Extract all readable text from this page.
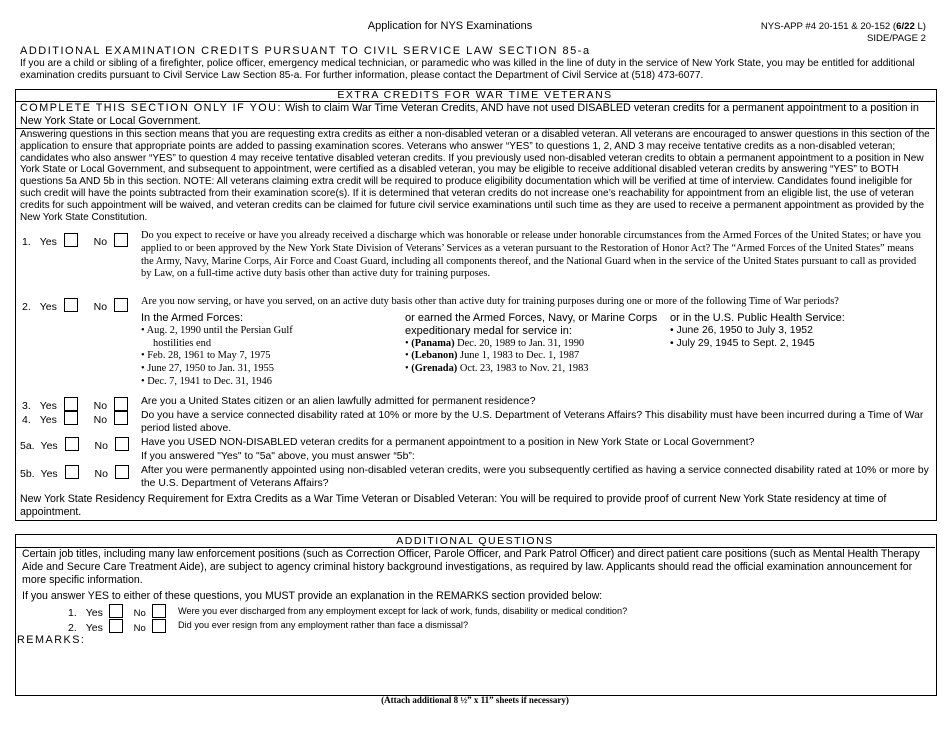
Application for NYS Examinations	NYS-APP #4 20-151 & 20-152 (6/22 L)
SIDE/PAGE 2
ADDITIONAL EXAMINATION CREDITS PURSUANT TO CIVIL SERVICE LAW SECTION 85-a
If you are a child or sibling of a firefighter, police officer, emergency medical technician, or paramedic who was killed in the line of duty in the service of New York State, you may be entitled for additional examination credits pursuant to Civil Service Law Section 85-a. For further information, please contact the Department of Civil Service at (518) 473-6077.
EXTRA CREDITS FOR WAR TIME VETERANS
COMPLETE THIS SECTION ONLY IF YOU: Wish to claim War Time Veteran Credits, AND have not used DISABLED veteran credits for a permanent appointment to a position in New York State or Local Government.
Answering questions in this section means that you are requesting extra credits as either a non-disabled veteran or a disabled veteran. All veterans are encouraged to answer questions in this section of the application to ensure that appropriate points are added to passing examination scores. Veterans who answer “YES” to questions 1, 2, AND 3 may receive tentative credits as a non-disabled veteran; candidates who also answer “YES” to question 4 may receive tentative disabled veteran credits. If you previously used non-disabled veteran credits to obtain a permanent appointment to a position in New York State or Local Government, and subsequent to appointment, were certified as a disabled veteran, you may be eligible to receive additional disabled veteran credits by answering “YES” to BOTH questions 5a AND 5b in this section. NOTE: All veterans claiming extra credit will be required to produce eligibility documentation which will be verified at time of interview. Candidates found ineligible for such credit will have the points subtracted from their examination score(s). If it is determined that veteran credits do not increase one’s reachability for appointment from an eligible list, the use of veteran credits for such appointment will be waived, and veteran credits can be claimed for future civil service examinations until such time as they are used to receive a permanent appointment as provided by the New York State Constitution.
1. Yes	No
Do you expect to receive or have you already received a discharge which was honorable or release under honorable circumstances from the Armed Forces of the United States; or have you applied to or been approved by the New York State Division of Veterans’ Services as a veteran pursuant to the Restoration of Honor Act? The “Armed Forces of the United States” means the Army, Navy, Marine Corps, Air Force and Coast Guard, including all components thereof, and the National Guard when in the service of the United States pursuant to call as provided by Law, on a full-time active duty basis other than active duty for training purposes.
2. Yes	No	Are you now serving, or have you served, on an active duty basis other than active duty for training purposes during one or more of the following Time of War periods?
In the Armed Forces:
• Aug. 2, 1990 until the Persian Gulf hostilities end
• Feb. 28, 1961 to May 7, 1975
• June 27, 1950 to Jan. 31, 1955
• Dec. 7, 1941 to Dec. 31, 1946
or earned the Armed Forces, Navy, or Marine Corps expeditionary medal for service in:
• (Panama) Dec. 20, 1989 to Jan. 31, 1990
• (Lebanon) June 1, 1983 to Dec. 1, 1987
• (Grenada) Oct. 23, 1983 to Nov. 21, 1983
or in the U.S. Public Health Service:
• June 26, 1950 to July 3, 1952
• July 29, 1945 to Sept. 2, 1945
3. Yes	No	Are you a United States citizen or an alien lawfully admitted for permanent residence?
4. Yes	No	Do you have a service connected disability rated at 10% or more by the U.S. Department of Veterans Affairs? This disability must have been incurred during a Time of War period listed above.
5a. Yes	No	Have you USED NON-DISABLED veteran credits for a permanent appointment to a position in New York State or Local Government?
If you answered "Yes" to "5a" above, you must answer “5b”:
5b. Yes	No	After you were permanently appointed using non-disabled veteran credits, were you subsequently certified as having a service connected disability rated at 10% or more by the U.S. Department of Veterans Affairs?
New York State Residency Requirement for Extra Credits as a War Time Veteran or Disabled Veteran: You will be required to provide proof of current New York State residency at time of appointment.
ADDITIONAL QUESTIONS
Certain job titles, including many law enforcement positions (such as Correction Officer, Parole Officer, and Park Patrol Officer) and direct patient care positions (such as Mental Health Therapy Aide and Secure Care Treatment Aide), are subject to agency criminal history background investigations, as required by law. Applicants should read the official examination announcement for more specific information.
If you answer YES to either of these questions, you MUST provide an explanation in the REMARKS section provided below:
1. Yes	No	Were you ever discharged from any employment except for lack of work, funds, disability or medical condition?
2. Yes	No	Did you ever resign from any employment rather than face a dismissal?
REMARKS:
(Attach additional 8 ½” x 11” sheets if necessary)
